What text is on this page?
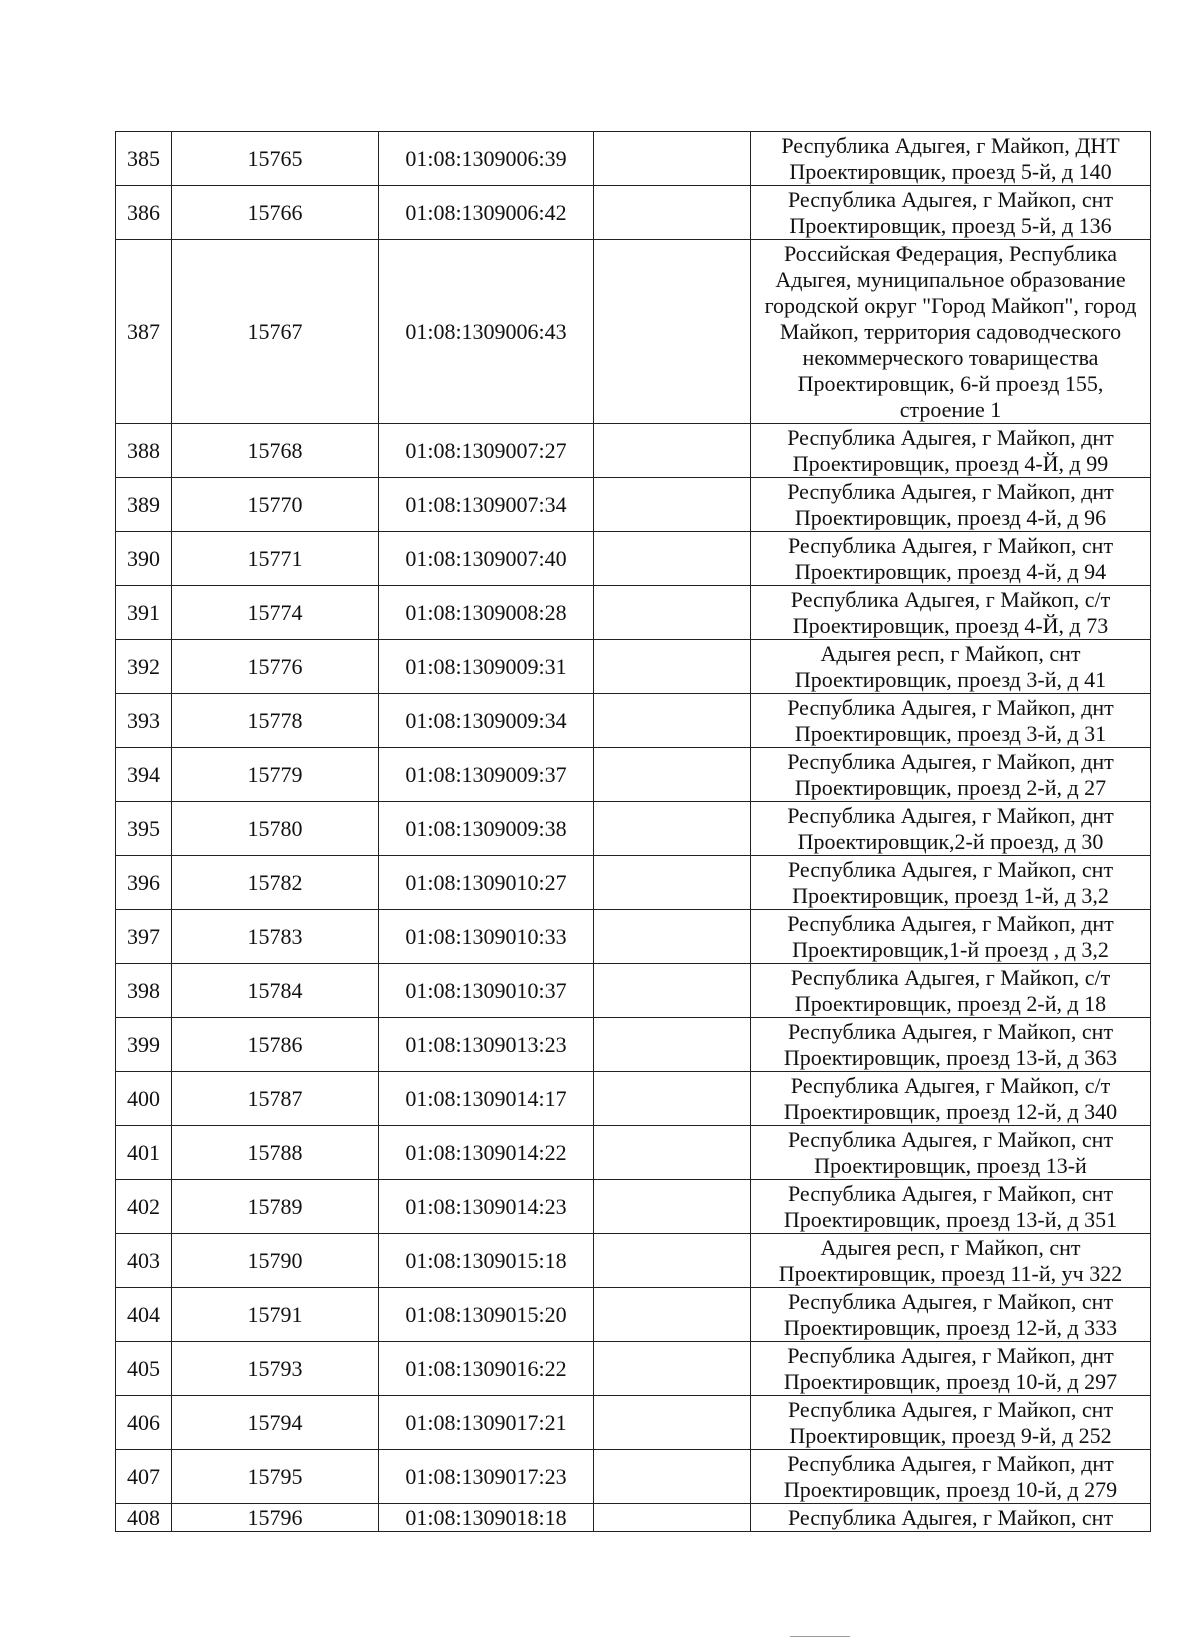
385	15765	01:08:1309006:39		Республика Адыгея, г Майкоп, ДНТ Проектировщик, проезд 5-й, д 140
386	15766	01:08:1309006:42		Республика Адыгея, г Майкоп, снт Проектировщик, проезд 5-й, д 136
387	15767	01:08:1309006:43		Российская Федерация, Республика Адыгея, муниципальное образование городской округ "Город Майкоп", город Майкоп, территория садоводческого некоммерческого товарищества Проектировщик, 6-й проезд 155, строение 1
388	15768	01:08:1309007:27		Республика Адыгея, г Майкоп, днт Проектировщик, проезд 4-Й, д 99
389	15770	01:08:1309007:34		Республика Адыгея, г Майкоп, днт Проектировщик, проезд 4-й, д 96
390	15771	01:08:1309007:40		Республика Адыгея, г Майкоп, снт Проектировщик, проезд 4-й, д 94
391	15774	01:08:1309008:28		Республика Адыгея, г Майкоп, с/т Проектировщик, проезд 4-Й, д 73
392	15776	01:08:1309009:31		Адыгея респ, г Майкоп, снт Проектировщик, проезд 3-й, д 41
393	15778	01:08:1309009:34		Республика Адыгея, г Майкоп, днт Проектировщик, проезд 3-й, д 31
394	15779	01:08:1309009:37		Республика Адыгея, г Майкоп, днт Проектировщик, проезд 2-й, д 27
395	15780	01:08:1309009:38		Республика Адыгея, г Майкоп, днт Проектировщик,2-й проезд, д 30
396	15782	01:08:1309010:27		Республика Адыгея, г Майкоп, снт Проектировщик, проезд 1-й, д 3,2
397	15783	01:08:1309010:33		Республика Адыгея, г Майкоп, днт Проектировщик,1-й проезд , д 3,2
398	15784	01:08:1309010:37		Республика Адыгея, г Майкоп, с/т Проектировщик, проезд 2-й, д 18
399	15786	01:08:1309013:23		Республика Адыгея, г Майкоп, снт Проектировщик, проезд 13-й, д 363
400	15787	01:08:1309014:17		Республика Адыгея, г Майкоп, с/т Проектировщик, проезд 12-й, д 340
401	15788	01:08:1309014:22		Республика Адыгея, г Майкоп, снт Проектировщик, проезд 13-й
402	15789	01:08:1309014:23		Республика Адыгея, г Майкоп, снт Проектировщик, проезд 13-й, д 351
403	15790	01:08:1309015:18		Адыгея респ, г Майкоп, снт Проектировщик, проезд 11-й, уч 322
404	15791	01:08:1309015:20		Республика Адыгея, г Майкоп, снт Проектировщик, проезд 12-й, д 333
405	15793	01:08:1309016:22		Республика Адыгея, г Майкоп, днт Проектировщик, проезд 10-й, д 297
406	15794	01:08:1309017:21		Республика Адыгея, г Майкоп, снт Проектировщик, проезд 9-й, д 252
407	15795	01:08:1309017:23		Республика Адыгея, г Майкоп, днт Проектировщик, проезд 10-й, д 279
408	15796	01:08:1309018:18		Республика Адыгея, г Майкоп, снт
